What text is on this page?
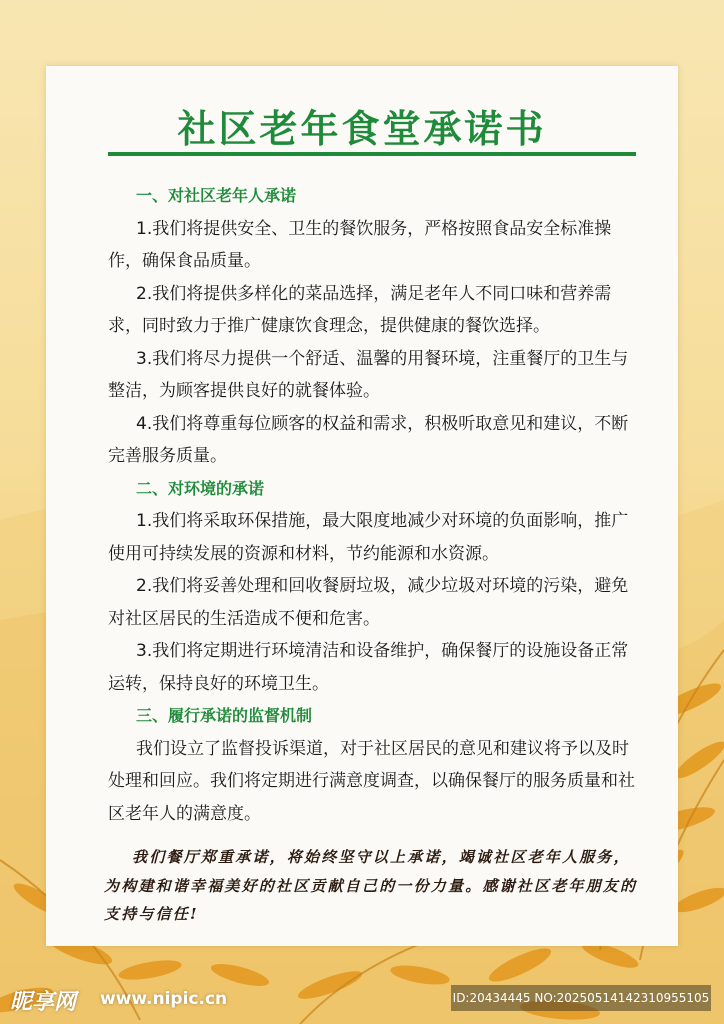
社区老年食堂承诺书
一、对社区老年人承诺

1.我们将提供安全、卫生的餐饮服务，严格按照食品安全标准操作，确保食品质量。

2.我们将提供多样化的菜品选择，满足老年人不同口味和营养需求，同时致力于推广健康饮食理念，提供健康的餐饮选择。

3.我们将尽力提供一个舒适、温馨的用餐环境，注重餐厅的卫生与整洁，为顾客提供良好的就餐体验。

4.我们将尊重每位顾客的权益和需求，积极听取意见和建议，不断完善服务质量。

二、对环境的承诺

1.我们将采取环保措施，最大限度地减少对环境的负面影响，推广使用可持续发展的资源和材料，节约能源和水资源。

2.我们将妥善处理和回收餐厨垃圾，减少垃圾对环境的污染，避免对社区居民的生活造成不便和危害。

3.我们将定期进行环境清洁和设备维护，确保餐厅的设施设备正常运转，保持良好的环境卫生。

三、履行承诺的监督机制

我们设立了监督投诉渠道，对于社区居民的意见和建议将予以及时处理和回应。我们将定期进行满意度调查，以确保餐厅的服务质量和社区老年人的满意度。

我们餐厅郑重承诺，将始终坚守以上承诺，竭诚社区老年人服务，为构建和谐幸福美好的社区贡献自己的一份力量。感谢社区老年朋友的支持与信任!
昵享网 www.nipic.cn	ID:20434445 NO:20250514142310955105
